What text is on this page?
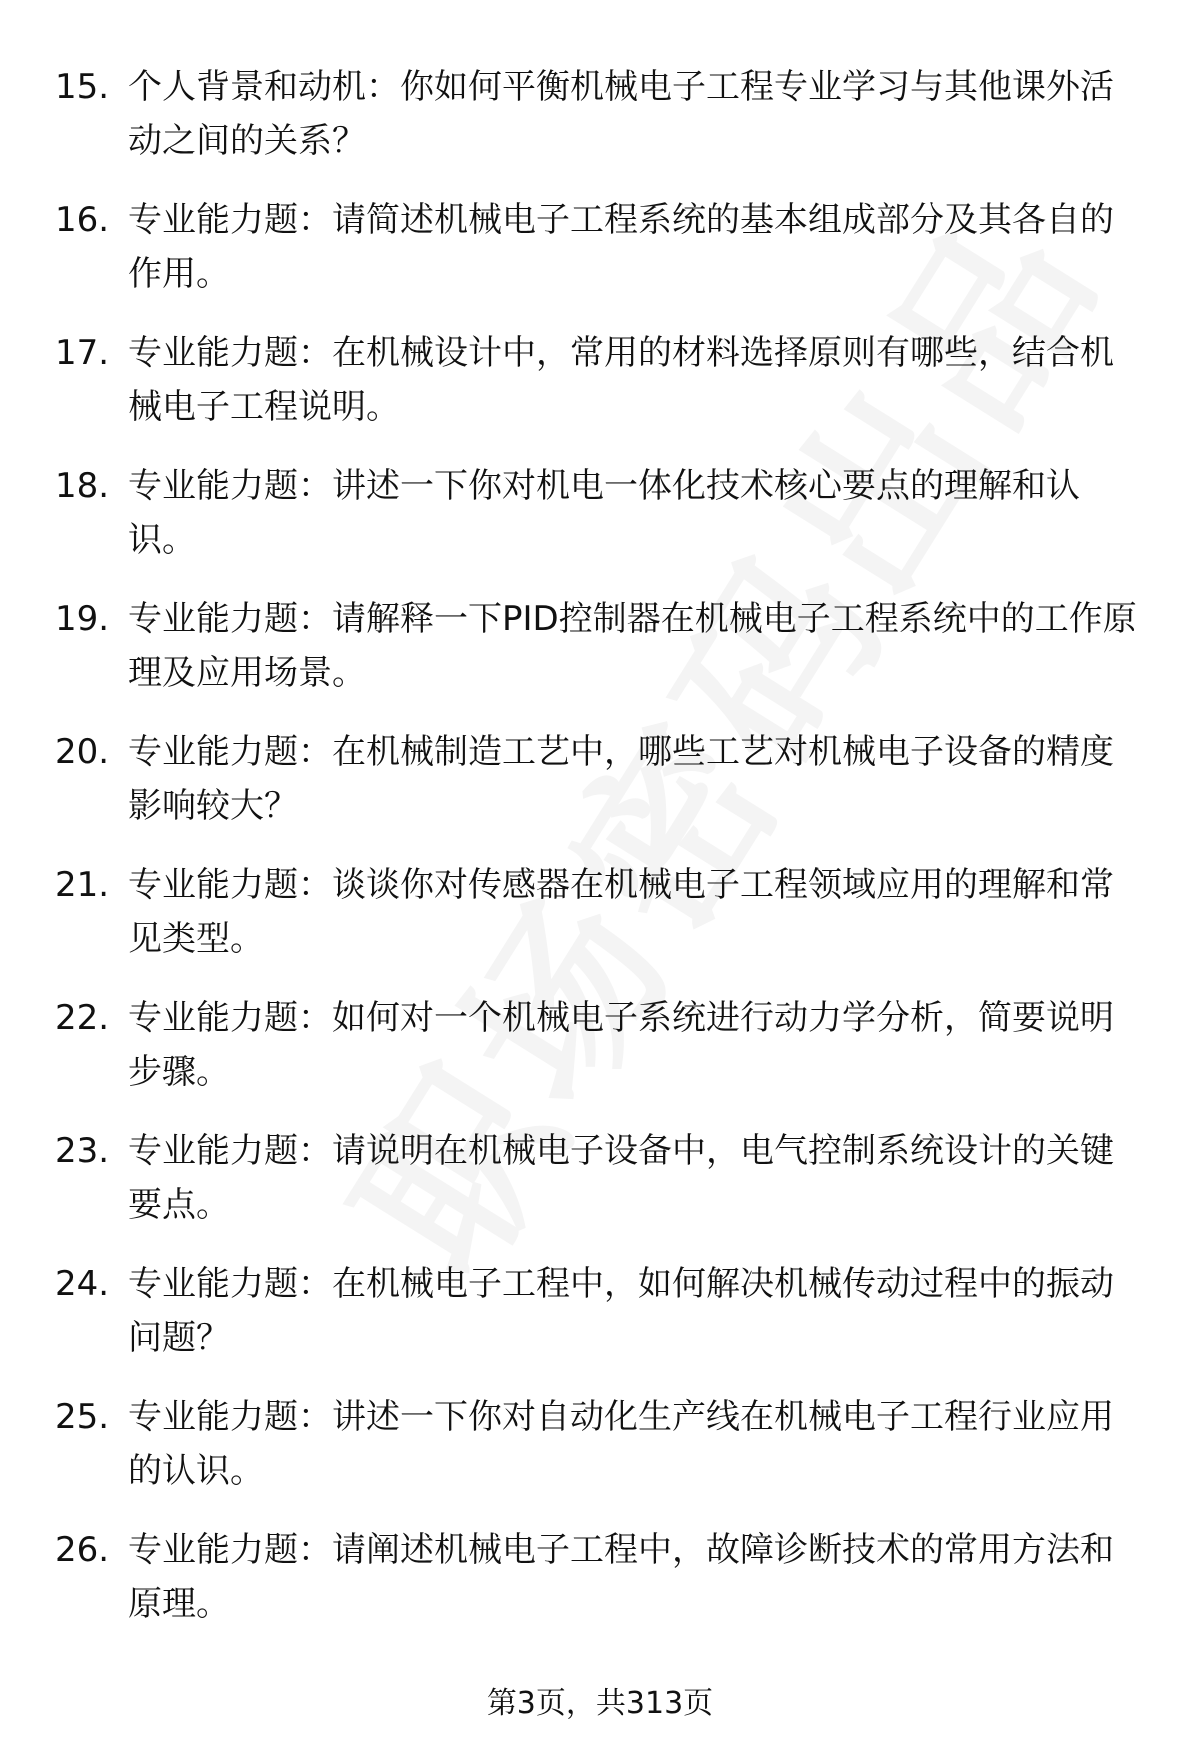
15. 个人背景和动机：你如何平衡机械电子工程专业学习与其他课外活动之间的关系？
16. 专业能力题：请简述机械电子工程系统的基本组成部分及其各自的作用。
17. 专业能力题：在机械设计中，常用的材料选择原则有哪些，结合机械电子工程说明。
18. 专业能力题：讲述一下你对机电一体化技术核心要点的理解和认识。
19. 专业能力题：请解释一下PID控制器在机械电子工程系统中的工作原理及应用场景。
20. 专业能力题：在机械制造工艺中，哪些工艺对机械电子设备的精度影响较大？
21. 专业能力题：谈谈你对传感器在机械电子工程领域应用的理解和常见类型。
22. 专业能力题：如何对一个机械电子系统进行动力学分析，简要说明步骤。
23. 专业能力题：请说明在机械电子设备中，电气控制系统设计的关键要点。
24. 专业能力题：在机械电子工程中，如何解决机械传动过程中的振动问题？
25. 专业能力题：讲述一下你对自动化生产线在机械电子工程行业应用的认识。
26. 专业能力题：请阐述机械电子工程中，故障诊断技术的常用方法和原理。
第3页，共313页
